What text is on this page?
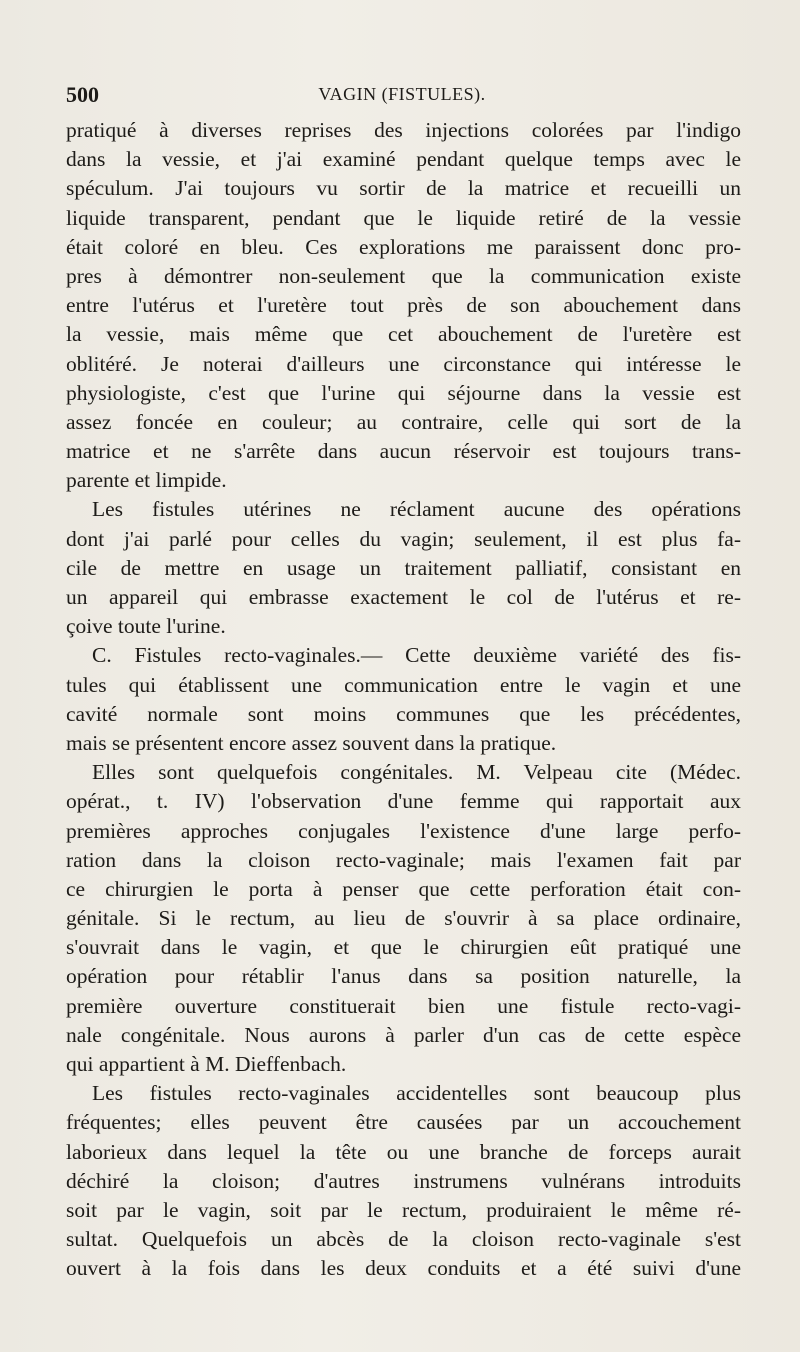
500	VAGIN (FISTULES).
pratiqué à diverses reprises des injections colorées par l'indigo
dans la vessie, et j'ai examiné pendant quelque temps avec le
spéculum. J'ai toujours vu sortir de la matrice et recueilli un
liquide transparent, pendant que le liquide retiré de la vessie
était coloré en bleu. Ces explorations me paraissent donc pro-
pres à démontrer non-seulement que la communication existe
entre l'utérus et l'uretère tout près de son abouchement dans
la vessie, mais même que cet abouchement de l'uretère est
oblitéré. Je noterai d'ailleurs une circonstance qui intéresse le
physiologiste, c'est que l'urine qui séjourne dans la vessie est
assez foncée en couleur; au contraire, celle qui sort de la
matrice et ne s'arrête dans aucun réservoir est toujours trans-
parente et limpide.
Les fistules utérines ne réclament aucune des opérations
dont j'ai parlé pour celles du vagin; seulement, il est plus fa-
cile de mettre en usage un traitement palliatif, consistant en
un appareil qui embrasse exactement le col de l'utérus et re-
çoive toute l'urine.
C. Fistules recto-vaginales.— Cette deuxième variété des fis-
tules qui établissent une communication entre le vagin et une
cavité normale sont moins communes que les précédentes,
mais se présentent encore assez souvent dans la pratique.
Elles sont quelquefois congénitales. M. Velpeau cite (Médec.
opérat., t. IV) l'observation d'une femme qui rapportait aux
premières approches conjugales l'existence d'une large perfo-
ration dans la cloison recto-vaginale; mais l'examen fait par
ce chirurgien le porta à penser que cette perforation était con-
génitale. Si le rectum, au lieu de s'ouvrir à sa place ordinaire,
s'ouvrait dans le vagin, et que le chirurgien eût pratiqué une
opération pour rétablir l'anus dans sa position naturelle, la
première ouverture constituerait bien une fistule recto-vagi-
nale congénitale. Nous aurons à parler d'un cas de cette espèce
qui appartient à M. Dieffenbach.
Les fistules recto-vaginales accidentelles sont beaucoup plus
fréquentes; elles peuvent être causées par un accouchement
laborieux dans lequel la tête ou une branche de forceps aurait
déchiré la cloison; d'autres instrumens vulnérans introduits
soit par le vagin, soit par le rectum, produiraient le même ré-
sultat. Quelquefois un abcès de la cloison recto-vaginale s'est
ouvert à la fois dans les deux conduits et a été suivi d'une
